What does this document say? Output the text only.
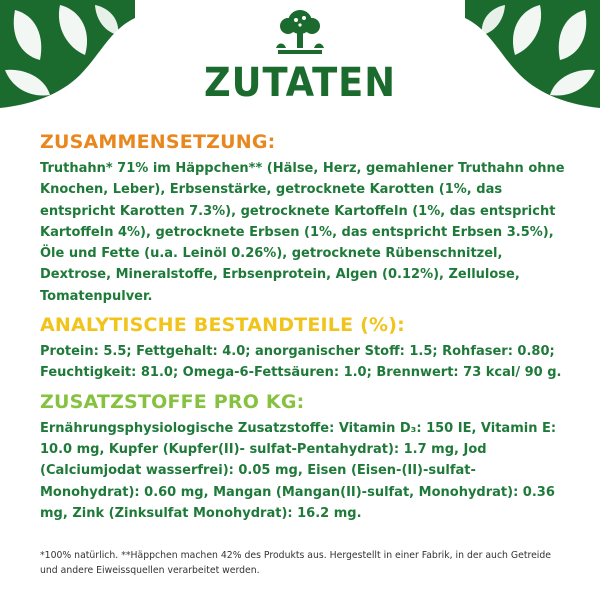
ZUTATEN
ZUSAMMENSETZUNG:
Truthahn* 71% im Häppchen** (Hälse, Herz, gemahlener Truthahn ohne Knochen, Leber), Erbsenstärke, getrocknete Karotten (1%, das entspricht Karotten 7.3%), getrocknete Kartoffeln (1%, das entspricht Kartoffeln 4%), getrocknete Erbsen (1%, das entspricht Erbsen 3.5%), Öle und Fette (u.a. Leinöl 0.26%), getrocknete Rübenschnitzel, Dextrose, Mineralstoffe, Erbsenprotein, Algen (0.12%), Zellulose, Tomatenpulver.
ANALYTISCHE BESTANDTEILE (%):
Protein: 5.5; Fettgehalt: 4.0; anorganischer Stoff: 1.5; Rohfaser: 0.80; Feuchtigkeit: 81.0; Omega-6-Fettsäuren: 1.0; Brennwert: 73 kcal/ 90 g.
ZUSATZSTOFFE PRO KG:
Ernährungsphysiologische Zusatzstoffe: Vitamin D₃: 150 IE, Vitamin E: 10.0 mg, Kupfer (Kupfer(II)- sulfat-Pentahydrat): 1.7 mg, Jod (Calciumjodat wasserfrei): 0.05 mg, Eisen (Eisen-(II)-sulfat-Monohydrat): 0.60 mg, Mangan (Mangan(II)-sulfat, Monohydrat): 0.36 mg, Zink (Zinksulfat Monohydrat): 16.2 mg.
*100% natürlich. **Häppchen machen 42% des Produkts aus. Hergestellt in einer Fabrik, in der auch Getreide und andere Eiweissquellen verarbeitet werden.
